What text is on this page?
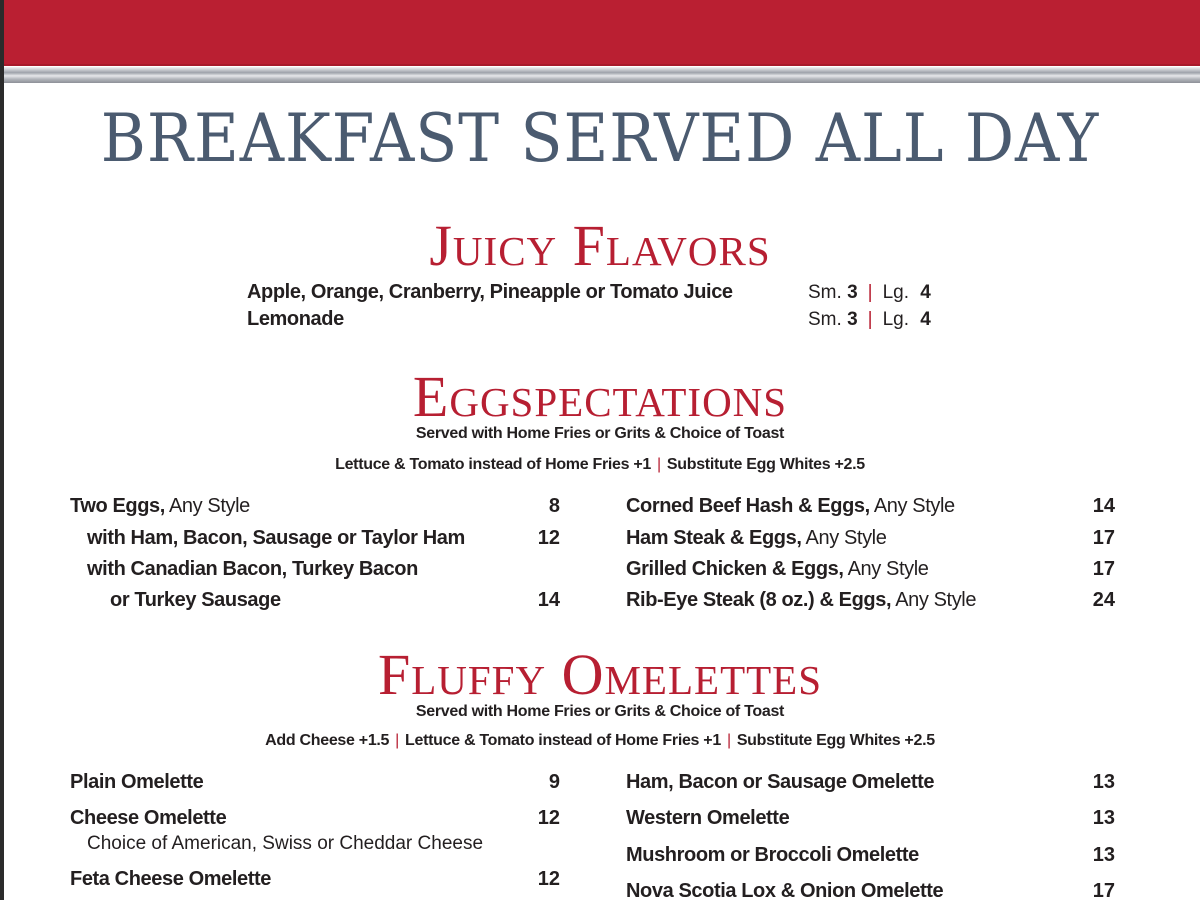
BREAKFAST SERVED ALL DAY
Juicy Flavors
Apple, Orange, Cranberry, Pineapple or Tomato Juice	Sm. 3 | Lg. 4
Lemonade	Sm. 3 | Lg. 4
Eggspectations
Served with Home Fries or Grits & Choice of Toast
Lettuce & Tomato instead of Home Fries +1 | Substitute Egg Whites +2.5
Fluffy Omelettes
Served with Home Fries or Grits & Choice of Toast
Add Cheese +1.5 | Lettuce & Tomato instead of Home Fries +1 | Substitute Egg Whites +2.5
Two Eggs, Any Style	8
with Ham, Bacon, Sausage or Taylor Ham	12
with Canadian Bacon, Turkey Bacon
or Turkey Sausage	14
Corned Beef Hash & Eggs, Any Style	14
Ham Steak & Eggs, Any Style	17
Grilled Chicken & Eggs, Any Style	17
Rib-Eye Steak (8 oz.) & Eggs, Any Style	24
Plain Omelette	9
Cheese Omelette	12
Choice of American, Swiss or Cheddar Cheese
Feta Cheese Omelette	12
Ham, Bacon or Sausage Omelette	13
Western Omelette	13
Mushroom or Broccoli Omelette	13
Nova Scotia Lox & Onion Omelette	17
